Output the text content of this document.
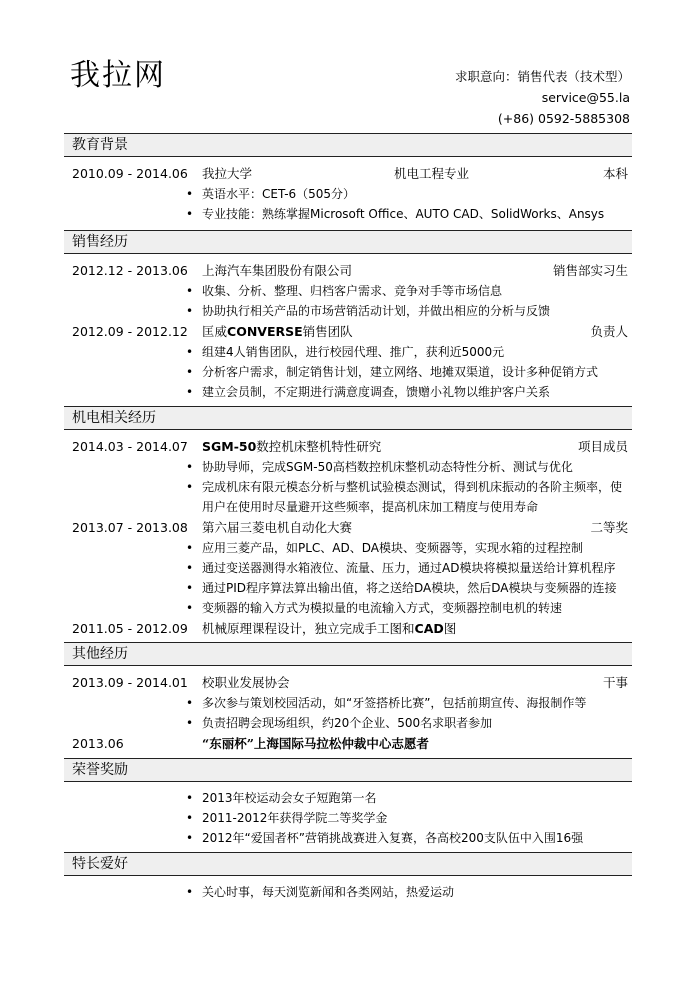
我拉网	求职意向：销售代表（技术型）
service@55.la
(+86) 0592-5885308
教育背景
2010.09 - 2014.06 我拉大学	机电工程专业	本科
• 英语水平：CET-6（505分）
• 专业技能：熟练掌握Microsoft Office、AUTO CAD、SolidWorks、Ansys
销售经历
2012.12 - 2013.06 上海汽车集团股份有限公司	销售部实习生
• 收集、分析、整理、归档客户需求、竞争对手等市场信息
• 协助执行相关产品的市场营销活动计划，并做出相应的分析与反馈
2012.09 - 2012.12 匡威CONVERSE销售团队	负责人
• 组建4人销售团队，进行校园代理、推广，获利近5000元
• 分析客户需求，制定销售计划，建立网络、地摊双渠道，设计多种促销方式
• 建立会员制，不定期进行满意度调查，馈赠小礼物以维护客户关系
机电相关经历
2014.03 - 2014.07 SGM-50数控机床整机特性研究	项目成员
• 协助导师，完成SGM-50高档数控机床整机动态特性分析、测试与优化
• 完成机床有限元模态分析与整机试验模态测试，得到机床振动的各阶主频率，使用户在使用时尽量避开这些频率，提高机床加工精度与使用寿命
2013.07 - 2013.08 第六届三菱电机自动化大赛	二等奖
• 应用三菱产品，如PLC、AD、DA模块、变频器等，实现水箱的过程控制
• 通过变送器测得水箱液位、流量、压力，通过AD模块将模拟量送给计算机程序
• 通过PID程序算法算出输出值，将之送给DA模块，然后DA模块与变频器的连接
• 变频器的输入方式为模拟量的电流输入方式，变频器控制电机的转速
2011.05 - 2012.09 机械原理课程设计，独立完成手工图和CAD图
其他经历
2013.09 - 2014.01 校职业发展协会	干事
• 多次参与策划校园活动，如“牙签搭桥比赛”，包括前期宣传、海报制作等
• 负责招聘会现场组织，约20个企业、500名求职者参加
2013.06	“东丽杯”上海国际马拉松仲裁中心志愿者
荣誉奖励
• 2013年校运动会女子短跑第一名
• 2011-2012年获得学院二等奖学金
• 2012年“爱国者杯”营销挑战赛进入复赛，各高校200支队伍中入围16强
特长爱好
• 关心时事，每天浏览新闻和各类网站，热爱运动
